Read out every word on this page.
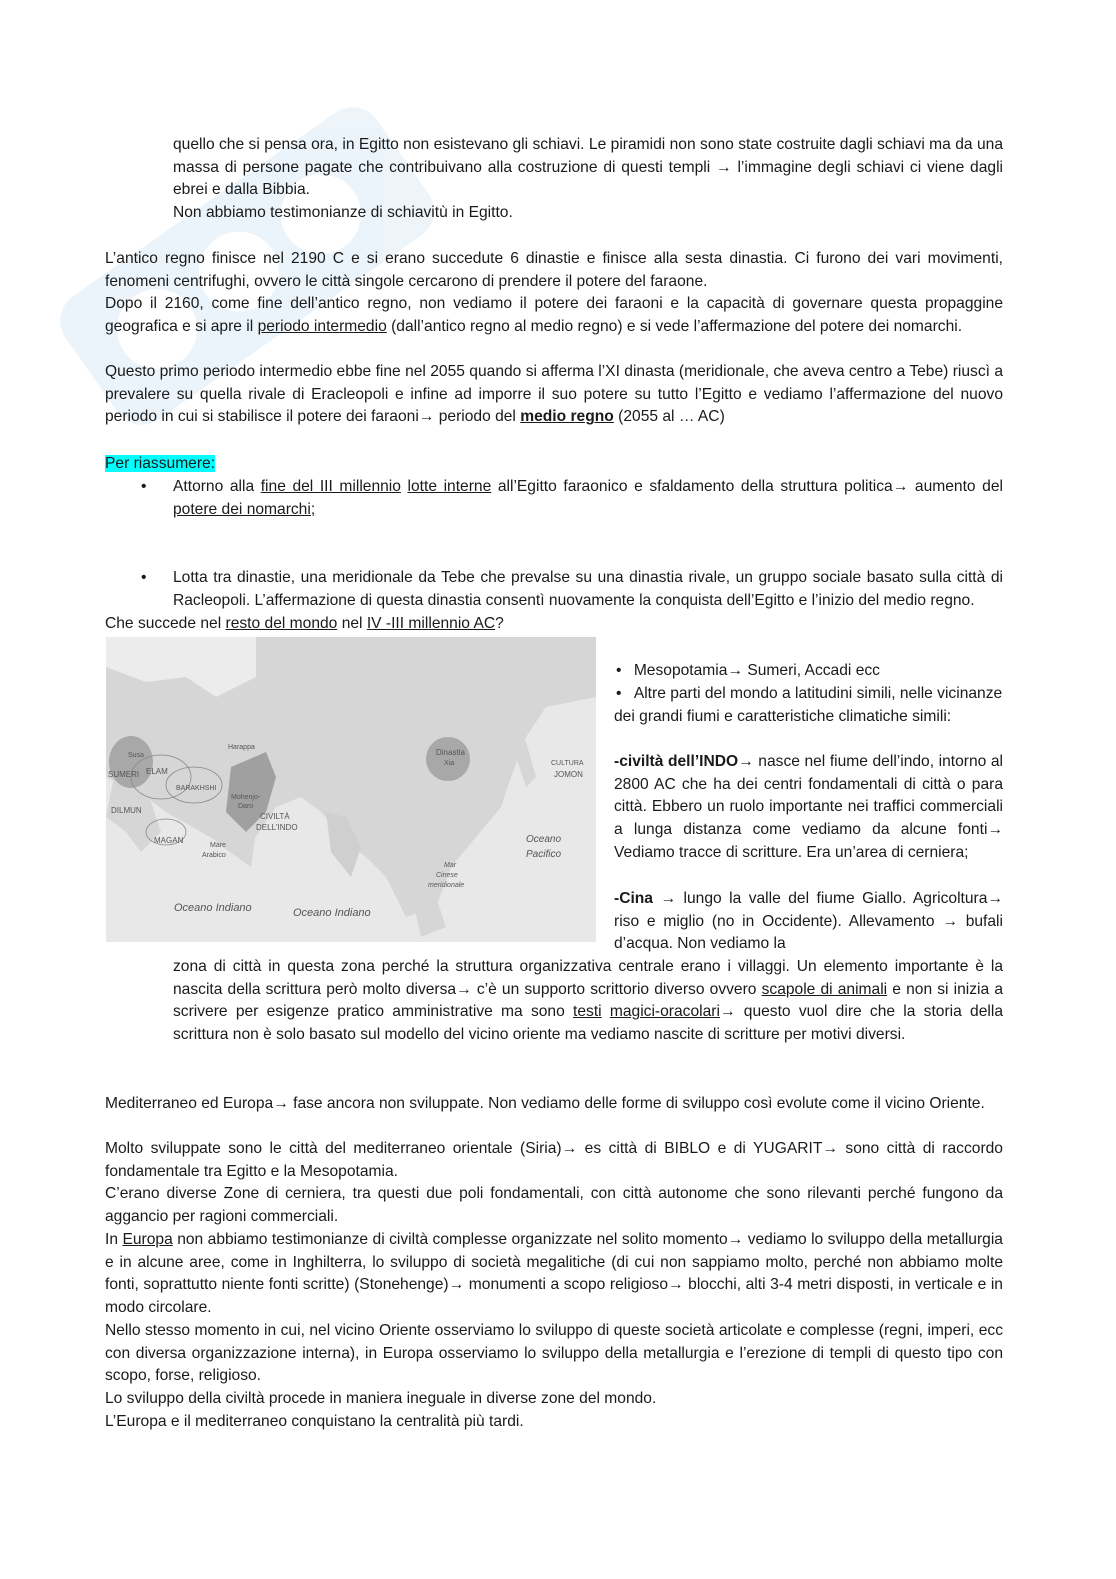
quello che si pensa ora, in Egitto non esistevano gli schiavi. Le piramidi non sono state costruite dagli schiavi ma da una massa di persone pagate che contribuivano alla costruzione di questi templi → l’immagine degli schiavi ci viene dagli ebrei e dalla Bibbia.

Non abbiamo testimonianze di schiavitù in Egitto.

L’antico regno finisce nel 2190 C e si erano succedute 6 dinastie e finisce alla sesta dinastia. Ci furono dei vari movimenti, fenomeni centrifughi, ovvero le città singole cercarono di prendere il potere del faraone.

Dopo il 2160, come fine dell’antico regno, non vediamo il potere dei faraoni e la capacità di governare questa propaggine geografica e si apre il periodo intermedio (dall’antico regno al medio regno) e si vede l’affermazione del potere dei nomarchi.

Questo primo periodo intermedio ebbe fine nel 2055 quando si afferma l’XI dinasta (meridionale, che aveva centro a Tebe) riuscì a prevalere su quella rivale di Eracleopoli e infine ad imporre il suo potere su tutto l’Egitto e vediamo l’affermazione del nuovo periodo in cui si stabilisce il potere dei faraoni→ periodo del medio regno (2055 al … AC)

Per riassumere:

• Attorno alla fine del III millennio lotte interne all’Egitto faraonico e sfaldamento della struttura politica→ aumento del potere dei nomarchi;
• Lotta tra dinastie, una meridionale da Tebe che prevalse su una dinastia rivale, un gruppo sociale basato sulla città di Racleopoli. L’affermazione di questa dinastia consentì nuovamente la conquista dell’Egitto e l’inizio del medio regno.

Che succede nel resto del mondo nel IV -III millennio AC?

Susa
SUMERI ELAM
BARAKHSHI
DILMUN
MAGAN
Harappa
Mohenjo-
Daro
CIVILTÀ
DELL'INDO
Mare
Arabico
Dinastia
Xia	CULTURA
JOMON
Oceano
Pacifico
Mar
Cinese
meridionale
Oceano Indiano	Oceano Indiano
• Mesopotamia→ Sumeri, Accadi ecc
• Altre parti del mondo a latitudini simili, nelle vicinanze dei grandi fiumi e caratteristiche climatiche simili:

-civiltà dell’INDO→ nasce nel fiume dell’indo, intorno al 2800 AC che ha dei centri fondamentali di città o para città. Ebbero un ruolo importante nei traffici commerciali a lunga distanza come vediamo da alcune fonti→ Vediamo tracce di scritture. Era un’area di cerniera;

-Cina → lungo la valle del fiume Giallo. Agricoltura→ riso e miglio (no in Occidente). Allevamento → bufali d’acqua. Non vediamo la

zona di città in questa zona perché la struttura organizzativa centrale erano i villaggi. Un elemento importante è la nascita della scrittura però molto diversa→ c’è un supporto scrittorio diverso ovvero scapole di animali e non si inizia a scrivere per esigenze pratico amministrative ma sono testi magici-oracolari→ questo vuol dire che la storia della scrittura non è solo basato sul modello del vicino oriente ma vediamo nascite di scritture per motivi diversi.

Mediterraneo ed Europa→ fase ancora non sviluppate. Non vediamo delle forme di sviluppo così evolute come il vicino Oriente.

Molto sviluppate sono le città del mediterraneo orientale (Siria)→ es città di BIBLO e di YUGARIT→ sono città di raccordo fondamentale tra Egitto e la Mesopotamia.

C’erano diverse Zone di cerniera, tra questi due poli fondamentali, con città autonome che sono rilevanti perché fungono da aggancio per ragioni commerciali.

In Europa non abbiamo testimonianze di civiltà complesse organizzate nel solito momento→ vediamo lo sviluppo della metallurgia e in alcune aree, come in Inghilterra, lo sviluppo di società megalitiche (di cui non sappiamo molto, perché non abbiamo molte fonti, soprattutto niente fonti scritte) (Stonehenge)→ monumenti a scopo religioso→ blocchi, alti 3-4 metri disposti, in verticale e in modo circolare.

Nello stesso momento in cui, nel vicino Oriente osserviamo lo sviluppo di queste società articolate e complesse (regni, imperi, ecc con diversa organizzazione interna), in Europa osserviamo lo sviluppo della metallurgia e l’erezione di templi di questo tipo con scopo, forse, religioso.

Lo sviluppo della civiltà procede in maniera ineguale in diverse zone del mondo.

L’Europa e il mediterraneo conquistano la centralità più tardi.
